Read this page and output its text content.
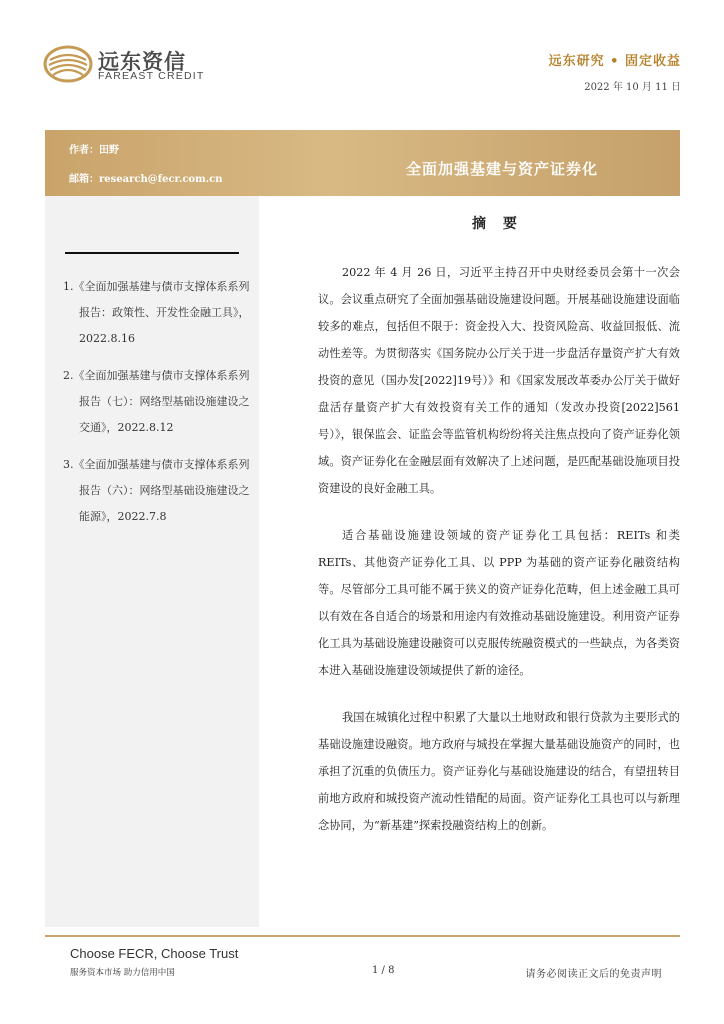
远东资信
FAREAST CREDIT
远东研究 • 固定收益
2022 年 10 月 11 日
作者：田野
邮箱：research@fecr.com.cn
全面加强基建与资产证券化
1.《全面加强基建与债市支撑体系系列报告：政策性、开发性金融工具》，2022.8.16
2.《全面加强基建与债市支撑体系系列报告（七）：网络型基础设施建设之交通》，2022.8.12
3.《全面加强基建与债市支撑体系系列报告（六）：网络型基础设施建设之能源》，2022.7.8
摘 要

2022 年 4 月 26 日，习近平主持召开中央财经委员会第十一次会议。会议重点研究了全面加强基础设施建设问题。开展基础设施建设面临较多的难点，包括但不限于：资金投入大、投资风险高、收益回报低、流动性差等。为贯彻落实《国务院办公厅关于进一步盘活存量资产扩大有效投资的意见（国办发[2022]19号）》和《国家发展改革委办公厅关于做好盘活存量资产扩大有效投资有关工作的通知（发改办投资[2022]561 号）》，银保监会、证监会等监管机构纷纷将关注焦点投向了资产证券化领域。资产证券化在金融层面有效解决了上述问题，是匹配基础设施项目投资建设的良好金融工具。

适合基础设施建设领域的资产证券化工具包括：REITs 和类REITs、其他资产证券化工具、以 PPP 为基础的资产证券化融资结构等。尽管部分工具可能不属于狭义的资产证券化范畴，但上述金融工具可以有效在各自适合的场景和用途内有效推动基础设施建设。利用资产证券化工具为基础设施建设融资可以克服传统融资模式的一些缺点，为各类资本进入基础设施建设领域提供了新的途径。

我国在城镇化过程中积累了大量以土地财政和银行贷款为主要形式的基础设施建设融资。地方政府与城投在掌握大量基础设施资产的同时，也承担了沉重的负债压力。资产证券化与基础设施建设的结合，有望扭转目前地方政府和城投资产流动性错配的局面。资产证券化工具也可以与新理念协同，为“新基建”探索投融资结构上的创新。

Choose FECR, Choose Trust
服务资本市场 助力信用中国	1 / 8	请务必阅读正文后的免责声明
